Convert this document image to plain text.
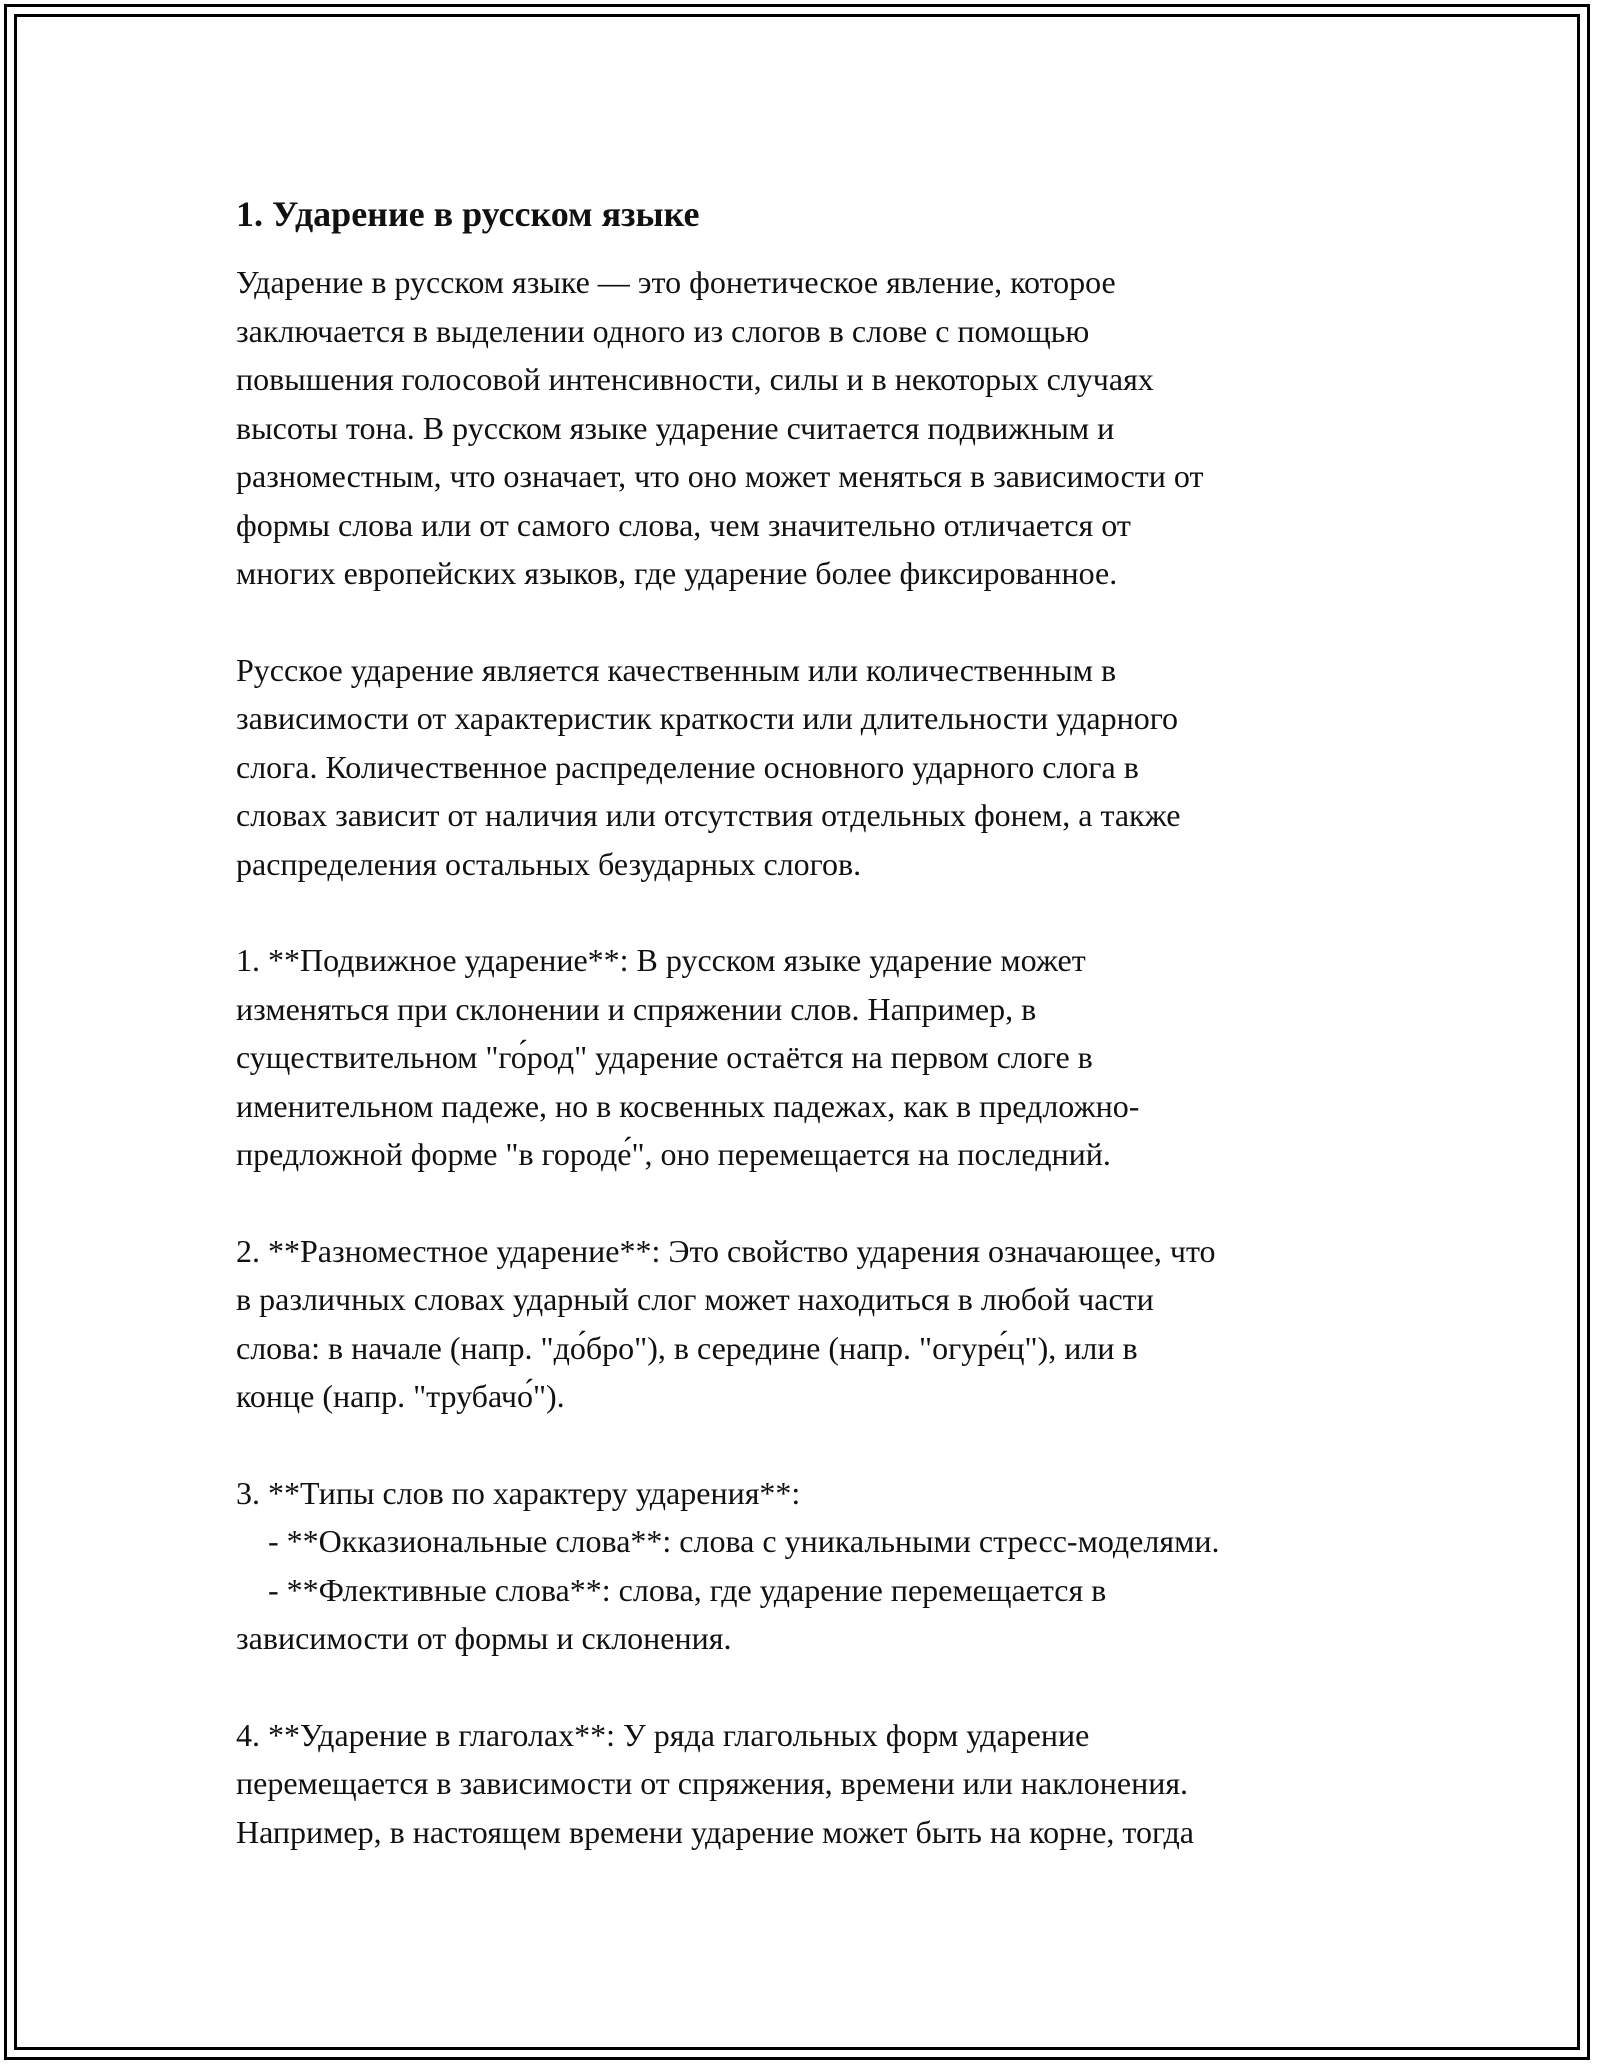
1. Ударение в русском языке

Ударение в русском языке — это фонетическое явление, которое
заключается в выделении одного из слогов в слове с помощью
повышения голосовой интенсивности, силы и в некоторых случаях
высоты тона. В русском языке ударение считается подвижным и
разноместным, что означает, что оно может меняться в зависимости от
формы слова или от самого слова, чем значительно отличается от
многих европейских языков, где ударение более фиксированное.

Русское ударение является качественным или количественным в
зависимости от характеристик краткости или длительности ударного
слога. Количественное распределение основного ударного слога в
словах зависит от наличия или отсутствия отдельных фонем, а также
распределения остальных безударных слогов.

1. **Подвижное ударение**: В русском языке ударение может
изменяться при склонении и спряжении слов. Например, в
существительном "го́род" ударение остаётся на первом слоге в
именительном падеже, но в косвенных падежах, как в предложно-
предложной форме "в городе́", оно перемещается на последний.

2. **Разноместное ударение**: Это свойство ударения означающее, что
в различных словах ударный слог может находиться в любой части
слова: в начале (напр. "до́бро"), в середине (напр. "огуре́ц"), или в
конце (напр. "трубачо́").

3. **Типы слов по характеру ударения**:
- **Окказиональные слова**: слова с уникальными стресс-моделями.
- **Флективные слова**: слова, где ударение перемещается в
зависимости от формы и склонения.

4. **Ударение в глаголах**: У ряда глагольных форм ударение
перемещается в зависимости от спряжения, времени или наклонения.
Например, в настоящем времени ударение может быть на корне, тогда
